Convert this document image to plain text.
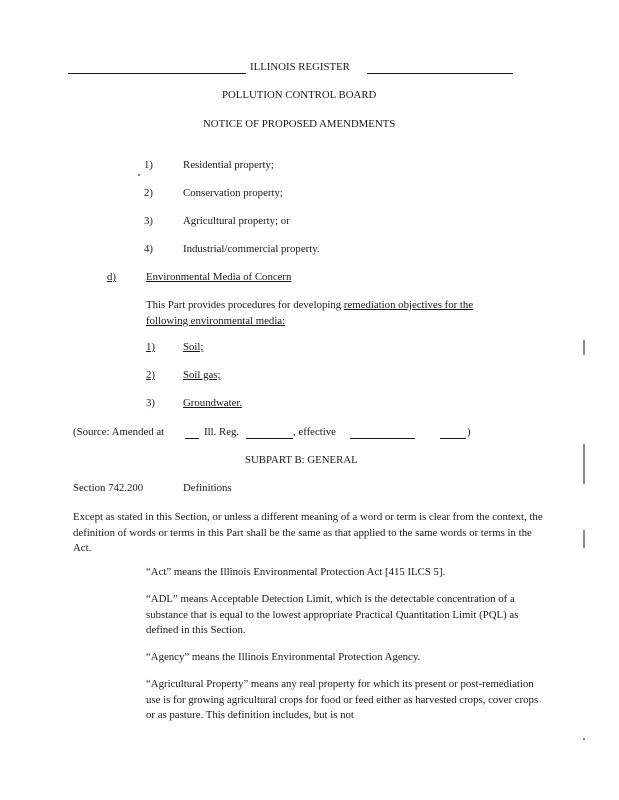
ILLINOIS REGISTER
POLLUTION CONTROL BOARD
NOTICE OF PROPOSED AMENDMENTS
1)	Residential property;
2)	Conservation property;
3)	Agricultural property; or
4)	Industrial/commercial property.
d)	Environmental Media of Concern
This Part provides procedures for developing remediation objectives for the following environmental media:
1)	Soil;
2)	Soil gas;
3)	Groundwater.
(Source: Amended at	Ill. Reg.	, effective	)
SUBPART B: GENERAL
Section 742.200	Definitions
Except as stated in this Section, or unless a different meaning of a word or term is clear from the context, the definition of words or terms in this Part shall be the same as that applied to the same words or terms in the Act.
“Act” means the Illinois Environmental Protection Act [415 ILCS 5].
“ADL” means Acceptable Detection Limit, which is the detectable concentration of a substance that is equal to the lowest appropriate Practical Quantitation Limit (PQL) as defined in this Section.
“Agency” means the Illinois Environmental Protection Agency.
“Agricultural Property” means any real property for which its present or post-remediation use is for growing agricultural crops for food or feed either as harvested crops, cover crops or as pasture. This definition includes, but is not
